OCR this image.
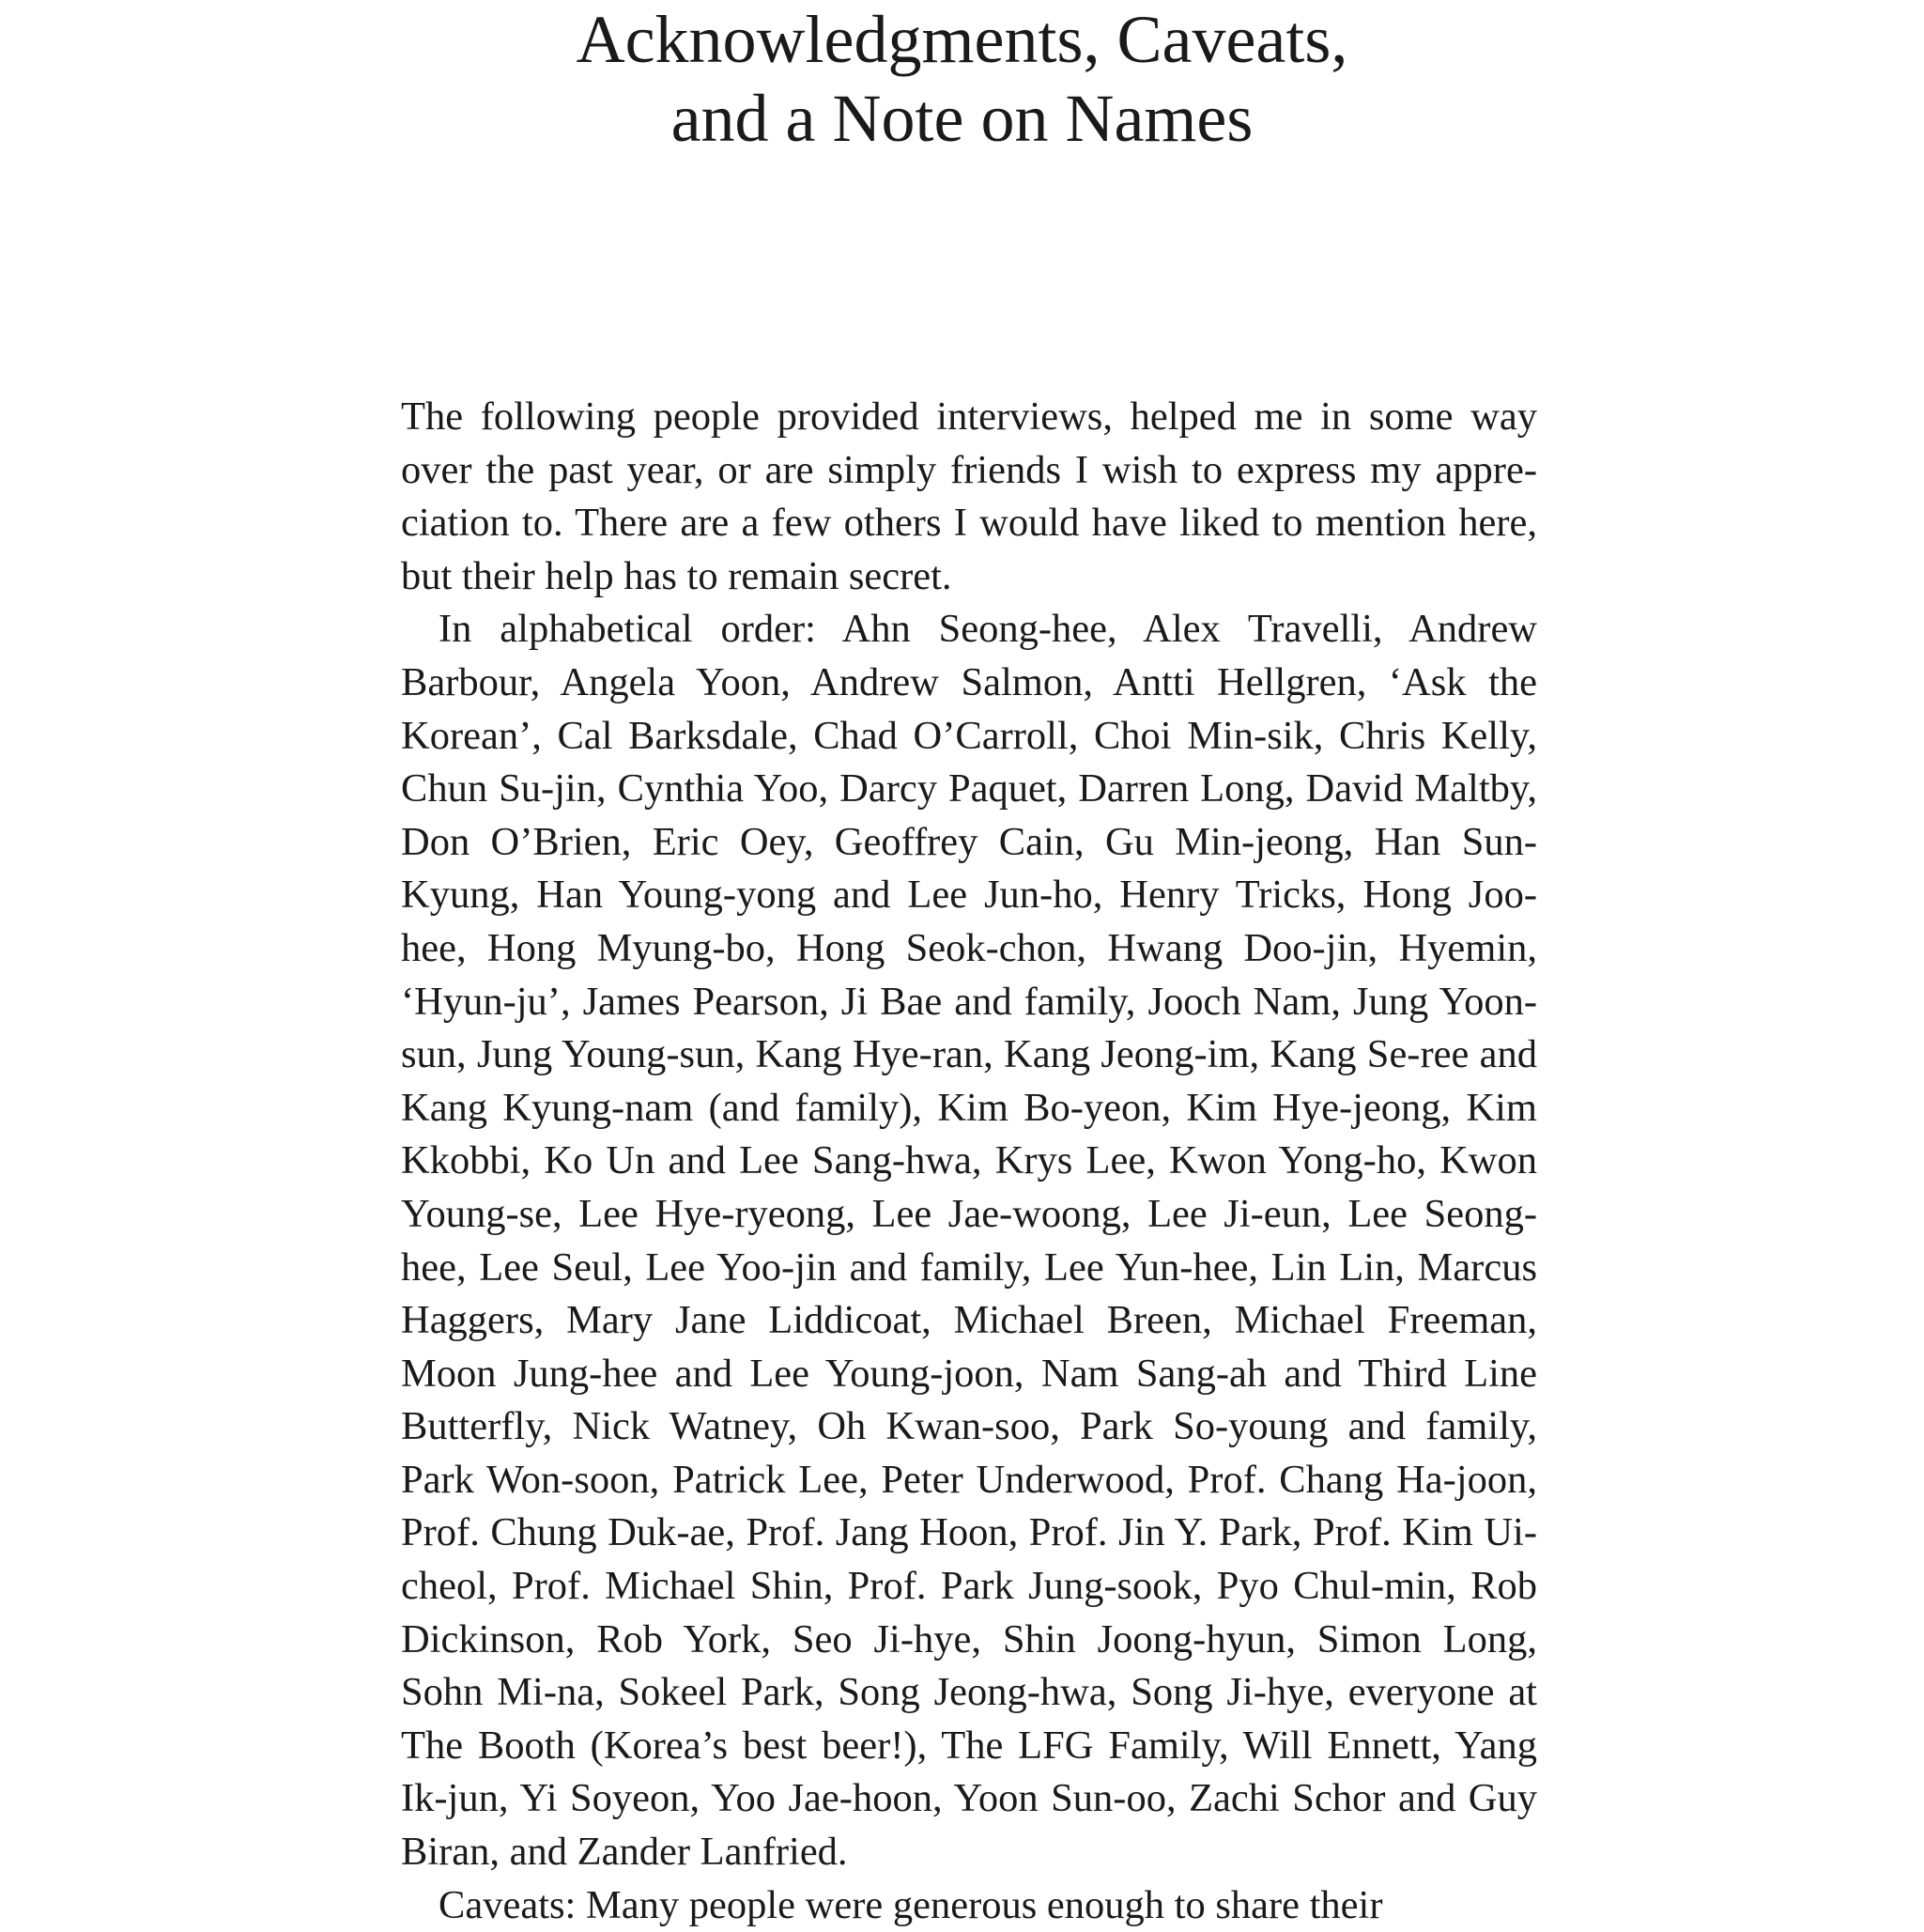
Acknowledgments, Caveats,
and a Note on Names

The following people provided interviews, helped me in some way over the past year, or are simply friends I wish to express my appreciation to. There are a few others I would have liked to mention here, but their help has to remain secret.

In alphabetical order: Ahn Seong-hee, Alex Travelli, Andrew Barbour, Angela Yoon, Andrew Salmon, Antti Hellgren, ‘Ask the Korean’, Cal Barksdale, Chad O’Carroll, Choi Min-sik, Chris Kelly, Chun Su-jin, Cynthia Yoo, Darcy Paquet, Darren Long, David Maltby, Don O’Brien, Eric Oey, Geoffrey Cain, Gu Min-jeong, Han Sun-Kyung, Han Young-yong and Lee Jun-ho, Henry Tricks, Hong Joo-hee, Hong Myung-bo, Hong Seok-chon, Hwang Doo-jin, Hyemin, ‘Hyun-ju’, James Pearson, Ji Bae and family, Jooch Nam, Jung Yoon-sun, Jung Young-sun, Kang Hye-ran, Kang Jeong-im, Kang Se-ree and Kang Kyung-nam (and family), Kim Bo-yeon, Kim Hye-jeong, Kim Kkobbi, Ko Un and Lee Sang-hwa, Krys Lee, Kwon Yong-ho, Kwon Young-se, Lee Hye-ryeong, Lee Jae-woong, Lee Ji-eun, Lee Seong-hee, Lee Seul, Lee Yoo-jin and family, Lee Yun-hee, Lin Lin, Marcus Haggers, Mary Jane Liddicoat, Michael Breen, Michael Freeman, Moon Jung-hee and Lee Young-joon, Nam Sang-ah and Third Line Butterfly, Nick Watney, Oh Kwan-soo, Park So-young and family, Park Won-soon, Patrick Lee, Peter Underwood, Prof. Chang Ha-joon, Prof. Chung Duk-ae, Prof. Jang Hoon, Prof. Jin Y. Park, Prof. Kim Ui-cheol, Prof. Michael Shin, Prof. Park Jung-sook, Pyo Chul-min, Rob Dickinson, Rob York, Seo Ji-hye, Shin Joong-hyun, Simon Long, Sohn Mi-na, Sokeel Park, Song Jeong-hwa, Song Ji-hye, everyone at The Booth (Korea’s best beer!), The LFG Family, Will Ennett, Yang Ik-jun, Yi Soyeon, Yoo Jae-hoon, Yoon Sun-oo, Zachi Schor and Guy Biran, and Zander Lanfried.

Caveats: Many people were generous enough to share their
